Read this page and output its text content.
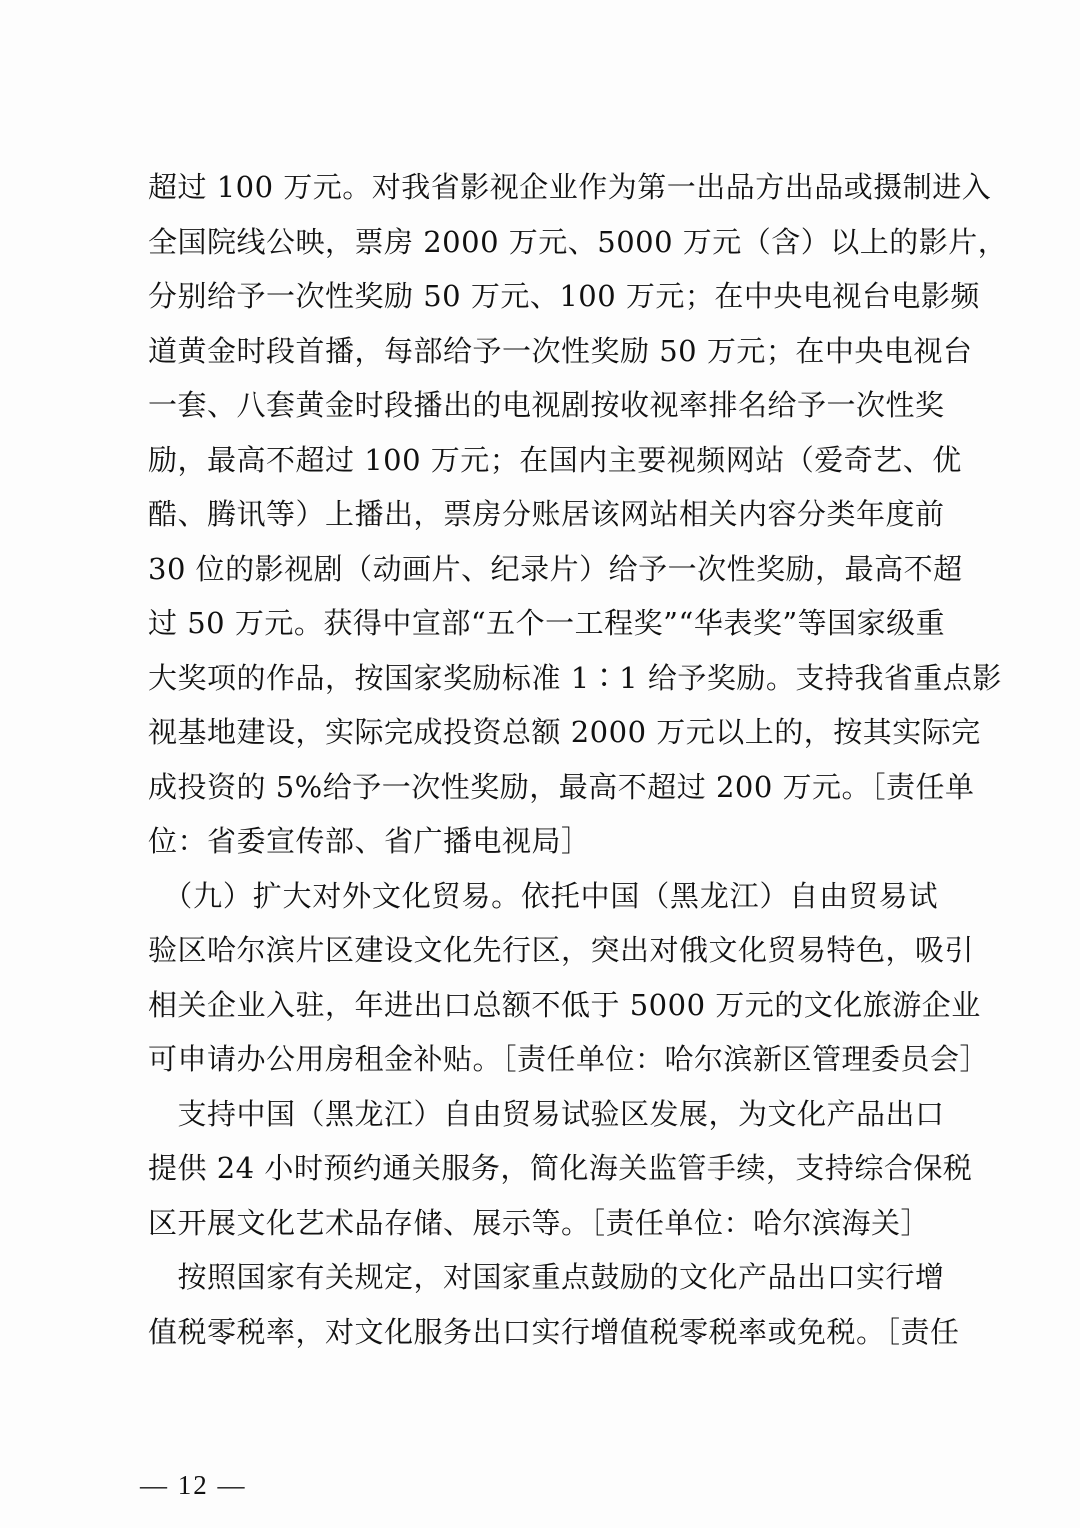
超过 100 万元。对我省影视企业作为第一出品方出品或摄制进入
全国院线公映，票房 2000 万元、5000 万元（含）以上的影片，
分别给予一次性奖励 50 万元、100 万元；在中央电视台电影频
道黄金时段首播，每部给予一次性奖励 50 万元；在中央电视台
一套、八套黄金时段播出的电视剧按收视率排名给予一次性奖
励，最高不超过 100 万元；在国内主要视频网站（爱奇艺、优
酷、腾讯等）上播出，票房分账居该网站相关内容分类年度前
30 位的影视剧（动画片、纪录片）给予一次性奖励，最高不超
过 50 万元。获得中宣部“五个一工程奖”“华表奖”等国家级重
大奖项的作品，按国家奖励标准 1∶1 给予奖励。支持我省重点影
视基地建设，实际完成投资总额 2000 万元以上的，按其实际完
成投资的 5%给予一次性奖励，最高不超过 200 万元。［责任单
位：省委宣传部、省广播电视局］
　（九）扩大对外文化贸易。依托中国（黑龙江）自由贸易试
验区哈尔滨片区建设文化先行区，突出对俄文化贸易特色，吸引
相关企业入驻，年进出口总额不低于 5000 万元的文化旅游企业
可申请办公用房租金补贴。［责任单位：哈尔滨新区管理委员会］
　支持中国（黑龙江）自由贸易试验区发展，为文化产品出口
提供 24 小时预约通关服务，简化海关监管手续，支持综合保税
区开展文化艺术品存储、展示等。［责任单位：哈尔滨海关］
　按照国家有关规定，对国家重点鼓励的文化产品出口实行增
值税零税率，对文化服务出口实行增值税零税率或免税。［责任
— 12 —
